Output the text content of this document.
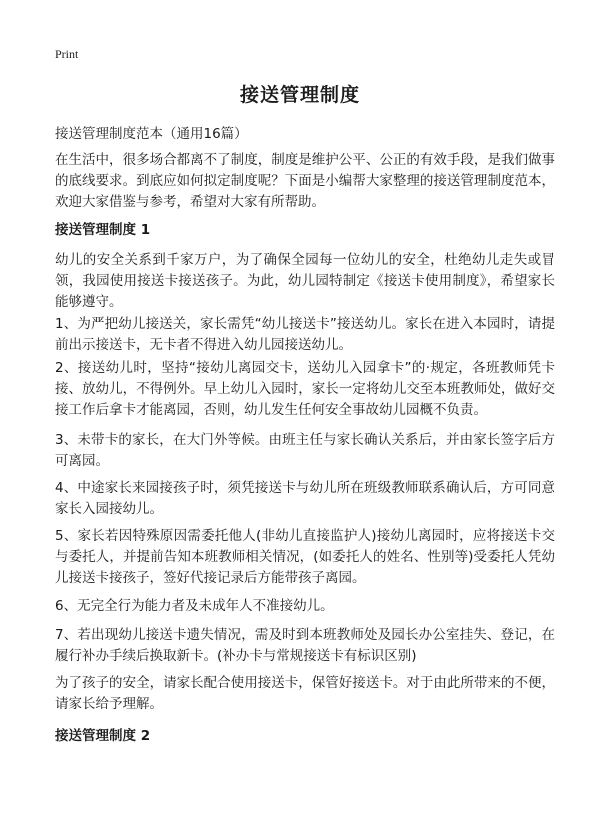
Print
接送管理制度
接送管理制度范本（通用16篇）

在生活中，很多场合都离不了制度，制度是维护公平、公正的有效手段，是我们做事的底线要求。到底应如何拟定制度呢？下面是小编帮大家整理的接送管理制度范本，欢迎大家借鉴与参考，希望对大家有所帮助。

接送管理制度 1

幼儿的安全关系到千家万户，为了确保全园每一位幼儿的安全，杜绝幼儿走失或冒领，我园使用接送卡接送孩子。为此，幼儿园特制定《接送卡使用制度》，希望家长能够遵守。

1、为严把幼儿接送关，家长需凭“幼儿接送卡”接送幼儿。家长在进入本园时，请提前出示接送卡，无卡者不得进入幼儿园接送幼儿。

2、接送幼儿时，坚持“接幼儿离园交卡，送幼儿入园拿卡”的·规定，各班教师凭卡接、放幼儿，不得例外。早上幼儿入园时，家长一定将幼儿交至本班教师处，做好交接工作后拿卡才能离园，否则，幼儿发生任何安全事故幼儿园概不负责。

3、未带卡的家长，在大门外等候。由班主任与家长确认关系后，并由家长签字后方可离园。

4、中途家长来园接孩子时，须凭接送卡与幼儿所在班级教师联系确认后，方可同意家长入园接幼儿。

5、家长若因特殊原因需委托他人(非幼儿直接监护人)接幼儿离园时，应将接送卡交与委托人，并提前告知本班教师相关情况，(如委托人的姓名、性别等)受委托人凭幼儿接送卡接孩子，签好代接记录后方能带孩子离园。

6、无完全行为能力者及未成年人不准接幼儿。

7、若出现幼儿接送卡遗失情况，需及时到本班教师处及园长办公室挂失、登记，在履行补办手续后换取新卡。(补办卡与常规接送卡有标识区别)

为了孩子的安全，请家长配合使用接送卡，保管好接送卡。对于由此所带来的不便，请家长给予理解。

接送管理制度 2
